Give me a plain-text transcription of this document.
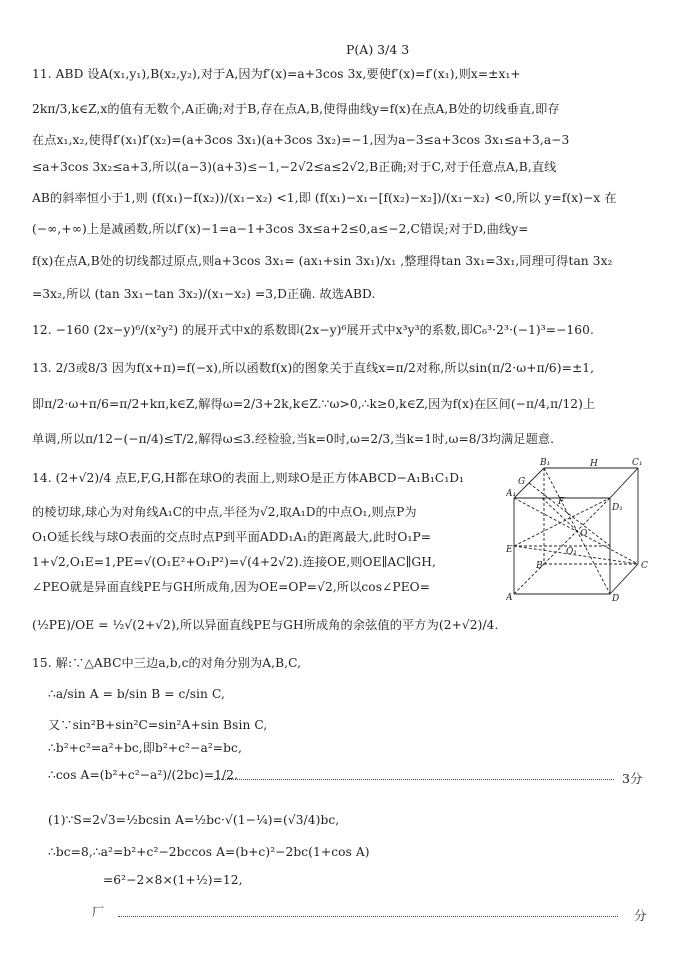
P(A) 3/4 3
11. ABD 设A(x₁,y₁),B(x₂,y₂),对于A,因为f′(x)=a+3cos 3x,要使f′(x)=f′(x₁),则x=±x₁+
2kπ/3,k∈Z,x的值有无数个,A正确;对于B,存在点A,B,使得曲线y=f(x)在点A,B处的切线垂直,即存
在点x₁,x₂,使得f′(x₁)f′(x₂)=(a+3cos 3x₁)(a+3cos 3x₂)=−1,因为a−3≤a+3cos 3x₁≤a+3,a−3
≤a+3cos 3x₂≤a+3,所以(a−3)(a+3)≤−1,−2√2≤a≤2√2,B正确;对于C,对于任意点A,B,直线
AB的斜率恒小于1,则 (f(x₁)−f(x₂))/(x₁−x₂) <1,即 (f(x₁)−x₁−[f(x₂)−x₂])/(x₁−x₂) <0,所以 y=f(x)−x 在
(−∞,+∞)上是减函数,所以f′(x)−1=a−1+3cos 3x≤a+2≤0,a≤−2,C错误;对于D,曲线y=
f(x)在点A,B处的切线都过原点,则a+3cos 3x₁= (ax₁+sin 3x₁)/x₁ ,整理得tan 3x₁=3x₁,同理可得tan 3x₂
=3x₂,所以 (tan 3x₁−tan 3x₂)/(x₁−x₂) =3,D正确. 故选ABD.
12. −160 (2x−y)⁶/(x²y²) 的展开式中x的系数即(2x−y)⁶展开式中x³y³的系数,即C₆³·2³·(−1)³=−160.
13. 2/3或8/3 因为f(x+π)=f(−x),所以函数f(x)的图象关于直线x=π/2对称,所以sin(π/2·ω+π/6)=±1,
即π/2·ω+π/6=π/2+kπ,k∈Z,解得ω=2/3+2k,k∈Z.∵ω>0,∴k≥0,k∈Z,因为f(x)在区间(−π/4,π/12)上
单调,所以π/12−(−π/4)≤T/2,解得ω≤3.经检验,当k=0时,ω=2/3,当k=1时,ω=8/3均满足题意.
14. (2+√2)/4 点E,F,G,H都在球O的表面上,则球O是正方体ABCD−A₁B₁C₁D₁
的棱切球,球心为对角线A₁C的中点,半径为√2,取A₁D的中点O₁,则点P为
O₁O延长线与球O表面的交点时点P到平面ADD₁A₁的距离最大,此时O₁P=
1+√2,O₁E=1,PE=√(O₁E²+O₁P²)=√(4+2√2).连接OE,则OE∥AC∥GH,
∠PEO就是异面直线PE与GH所成角,因为OE=OP=√2,所以cos∠PEO=
(½PE)/OE = ½√(2+√2),所以异面直线PE与GH所成角的余弦值的平方为(2+√2)/4.
B₁	H	C₁
A₁
G
D₁
F
O
E	O₁
B	C
A	D
15. 解:∵△ABC中三边a,b,c的对角分别为A,B,C,
∴a/sin A = b/sin B = c/sin C,
又∵sin²B+sin²C=sin²A+sin Bsin C,
∴b²+c²=a²+bc,即b²+c²−a²=bc,
∴cos A=(b²+c²−a²)/(2bc)=1/2.	3分
(1)∵S=2√3=½bcsin A=½bc·√(1−¼)=(√3/4)bc,
∴bc=8,∴a²=b²+c²−2bccos A=(b+c)²−2bc(1+cos A)
=6²−2×8×(1+½)=12,
厂	分
